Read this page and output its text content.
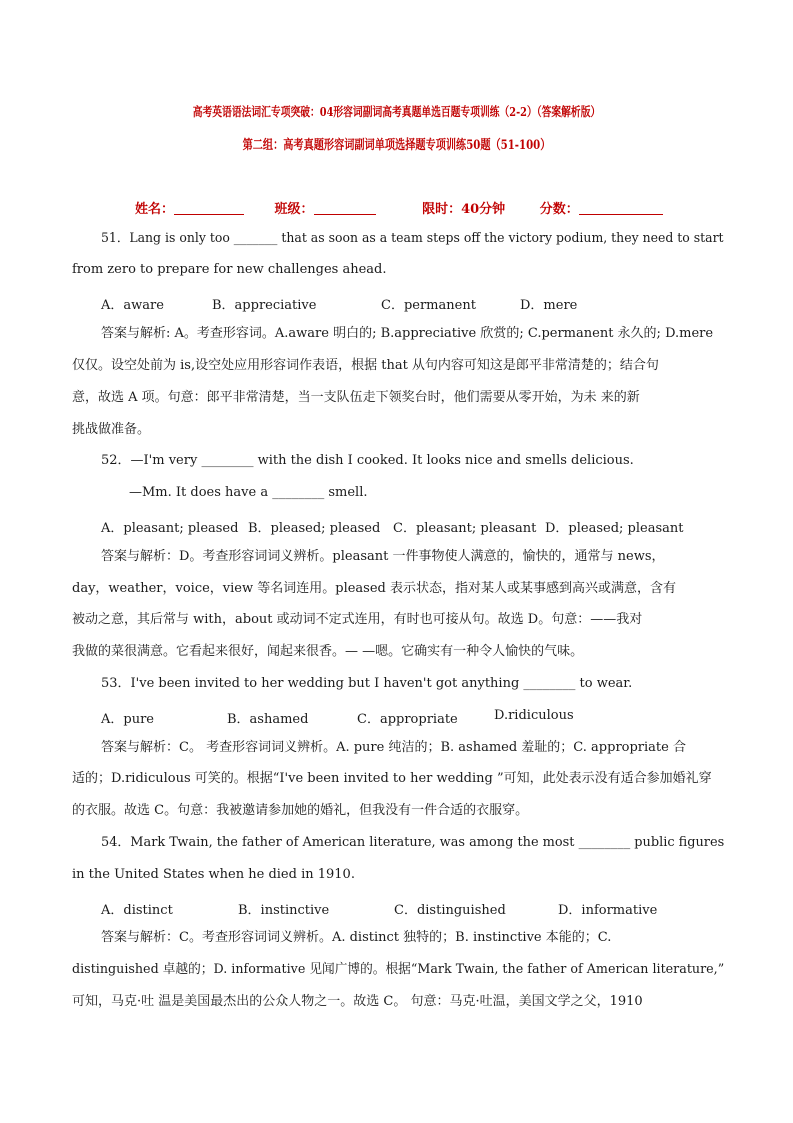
高考英语语法词汇专项突破：04形容词副词高考真题单选百题专项训练（2-2）（答案解析版）
第二组：高考真题形容词副词单项选择题专项训练50题（51-100）
姓名：	班级：	限时：40分钟	分数：
51．Lang is only too _______ that as soon as a team steps off the victory podium, they need to start
from zero to prepare for new challenges ahead.
A．aware	B．appreciative	C．permanent	D．mere
答案与解析: A。考查形容词。A.aware 明白的; B.appreciative 欣赏的; C.permanent 永久的; D.mere
仅仅。设空处前为 is,设空处应用形容词作表语，根据 that 从句内容可知这是郎平非常清楚的；结合句
意，故选 A 项。句意：郎平非常清楚，当一支队伍走下领奖台时，他们需要从零开始，为未 来的新
挑战做准备。
52．—I'm very ________ with the dish I cooked. It looks nice and smells delicious.
—Mm. It does have a ________ smell.
A．pleasant; pleased B．pleased; pleased C．pleasant; pleasant D．pleased; pleasant
答案与解析：D。考查形容词词义辨析。pleasant 一件事物使人满意的，愉快的，通常与 news，
day，weather，voice，view 等名词连用。pleased 表示状态，指对某人或某事感到高兴或满意，含有
被动之意，其后常与 with，about 或动词不定式连用，有时也可接从句。故选 D。句意：——我对
我做的菜很满意。它看起来很好，闻起来很香。— —嗯。它确实有一种令人愉快的气味。
53．I've been invited to her wedding but I haven't got anything ________ to wear.
A．pure	B．ashamed	C．appropriate	D.ridiculous
答案与解析：C。 考查形容词词义辨析。A. pure 纯洁的；B. ashamed 羞耻的；C. appropriate 合
适的；D.ridiculous 可笑的。根据“I've been invited to her wedding ”可知，此处表示没有适合参加婚礼穿
的衣服。故选 C。句意：我被邀请参加她的婚礼，但我没有一件合适的衣服穿。
54．Mark Twain, the father of American literature, was among the most ________ public figures
in the United States when he died in 1910.
A．distinct	B．instinctive	C．distinguished	D．informative
答案与解析：C。考查形容词词义辨析。A. distinct 独特的；B. instinctive 本能的；C.
distinguished 卓越的；D. informative 见闻广博的。根据“Mark Twain, the father of American literature,”
可知，马克·吐 温是美国最杰出的公众人物之一。故选 C。 句意：马克·吐温，美国文学之父，1910
